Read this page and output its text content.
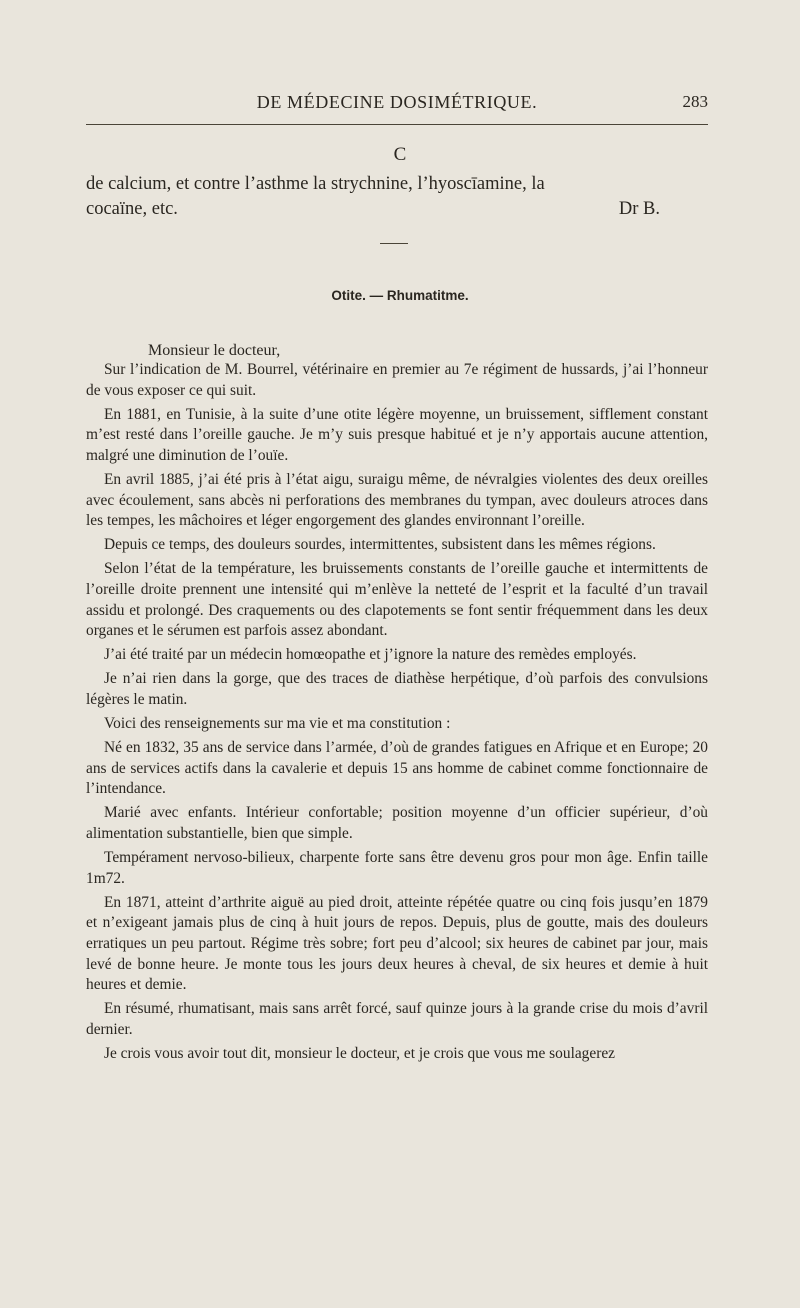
DE MÉDECINE DOSIMÉTRIQUE.	283
C
de calcium, et contre l’asthme la strychnine, l’hyoscīamine, la
cocaïne, etc.	Dr B.
Otite. — Rhumatitme.
Monsieur le docteur,

Sur l’indication de M. Bourrel, vétérinaire en premier au 7e régiment de hussards, j’ai l’honneur de vous exposer ce qui suit.

En 1881, en Tunisie, à la suite d’une otite légère moyenne, un bruissement, sifflement constant m’est resté dans l’oreille gauche. Je m’y suis presque habitué et je n’y apportais aucune attention, malgré une diminution de l’ouïe.

En avril 1885, j’ai été pris à l’état aigu, suraigu même, de névralgies violentes des deux oreilles avec écoulement, sans abcès ni perforations des membranes du tympan, avec douleurs atroces dans les tempes, les mâchoires et léger engorgement des glandes environnant l’oreille.

Depuis ce temps, des douleurs sourdes, intermittentes, subsistent dans les mêmes régions.

Selon l’état de la température, les bruissements constants de l’oreille gauche et intermittents de l’oreille droite prennent une intensité qui m’enlève la netteté de l’esprit et la faculté d’un travail assidu et prolongé. Des craquements ou des clapotements se font sentir fréquemment dans les deux organes et le sérumen est parfois assez abondant.

J’ai été traité par un médecin homœopathe et j’ignore la nature des remèdes employés.

Je n’ai rien dans la gorge, que des traces de diathèse herpétique, d’où parfois des convulsions légères le matin.

Voici des renseignements sur ma vie et ma constitution :

Né en 1832, 35 ans de service dans l’armée, d’où de grandes fatigues en Afrique et en Europe; 20 ans de services actifs dans la cavalerie et depuis 15 ans homme de cabinet comme fonctionnaire de l’intendance.

Marié avec enfants. Intérieur confortable; position moyenne d’un officier supérieur, d’où alimentation substantielle, bien que simple.

Tempérament nervoso-bilieux, charpente forte sans être devenu gros pour mon âge. Enfin taille 1m72.

En 1871, atteint d’arthrite aiguë au pied droit, atteinte répétée quatre ou cinq fois jusqu’en 1879 et n’exigeant jamais plus de cinq à huit jours de repos. Depuis, plus de goutte, mais des douleurs erratiques un peu partout. Régime très sobre; fort peu d’alcool; six heures de cabinet par jour, mais levé de bonne heure. Je monte tous les jours deux heures à cheval, de six heures et demie à huit heures et demie.

En résumé, rhumatisant, mais sans arrêt forcé, sauf quinze jours à la grande crise du mois d’avril dernier.

Je crois vous avoir tout dit, monsieur le docteur, et je crois que vous me soulagerez
